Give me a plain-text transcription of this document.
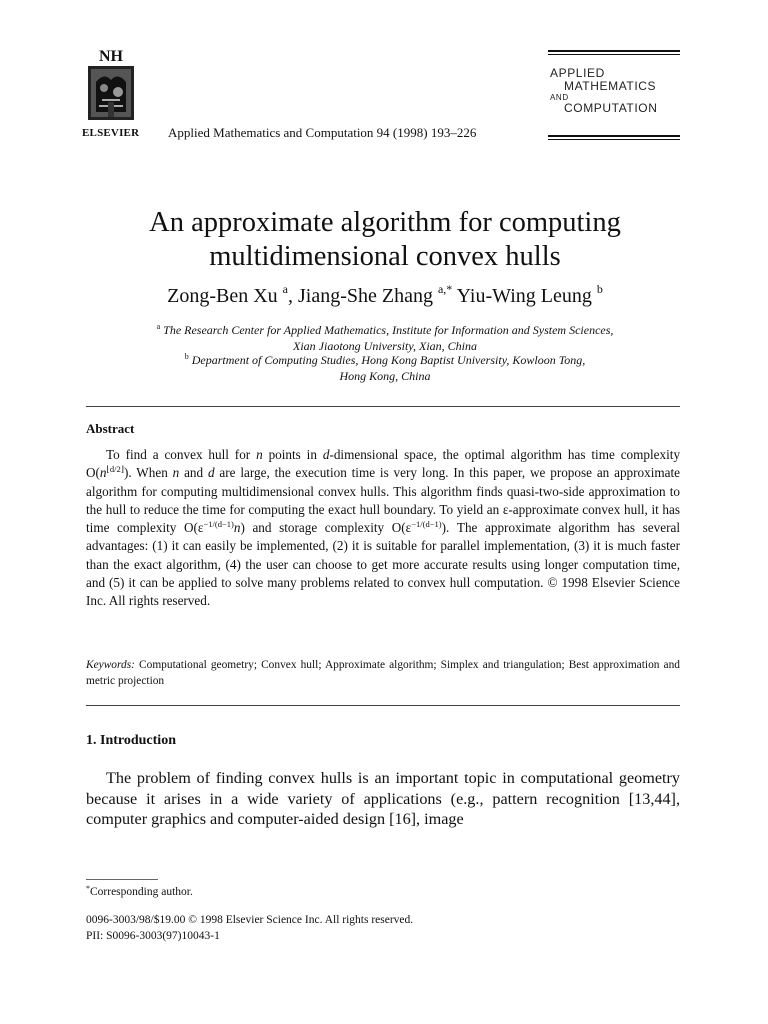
NH
ELSEVIER Applied Mathematics and Computation 94 (1998) 193–226
APPLIED
MATHEMATICS
AND
COMPUTATION
An approximate algorithm for computing
multidimensional convex hulls
Zong-Ben Xu $^a$, Jiang-She Zhang $^{a,*}$ Yiu-Wing Leung $^b$
$^a$ The Research Center for Applied Mathematics, Institute for Information and System Sciences,
Xian Jiaotong University, Xian, China
$^b$ Department of Computing Studies, Hong Kong Baptist University, Kowloon Tong,
Hong Kong, China
Abstract

To find a convex hull for n points in d-dimensional space, the optimal algorithm has time complexity $O(n^{⌊d/2⌋})$. When n and d are large, the execution time is very long. In this paper, we propose an approximate algorithm for computing multidimensional convex hulls. This algorithm finds quasi-two-side approximation to the hull to reduce the time for computing the exact hull boundary. To yield an ε-approximate convex hull, it has time complexity $O(\varepsilon^{-1/(d-1)}n)$ and storage complexity $O(\varepsilon^{-1/(d-1)})$. The approximate algorithm has several advantages: (1) it can easily be implemented, (2) it is suitable for parallel implementation, (3) it is much faster than the exact algorithm, (4) the user can choose to get more accurate results using longer computation time, and (5) it can be applied to solve many problems related to convex hull computation. © 1998 Elsevier Science Inc. All rights reserved.

Keywords: Computational geometry; Convex hull; Approximate algorithm; Simplex and triangulation; Best approximation and metric projection
1. Introduction

The problem of finding convex hulls is an important topic in computational geometry because it arises in a wide variety of applications (e.g., pattern recognition [13,44], computer graphics and computer-aided design [16], image

*Corresponding author.
0096-3003/98/$19.00 © 1998 Elsevier Science Inc. All rights reserved.
PII: S0096-3003(97)10043-1
